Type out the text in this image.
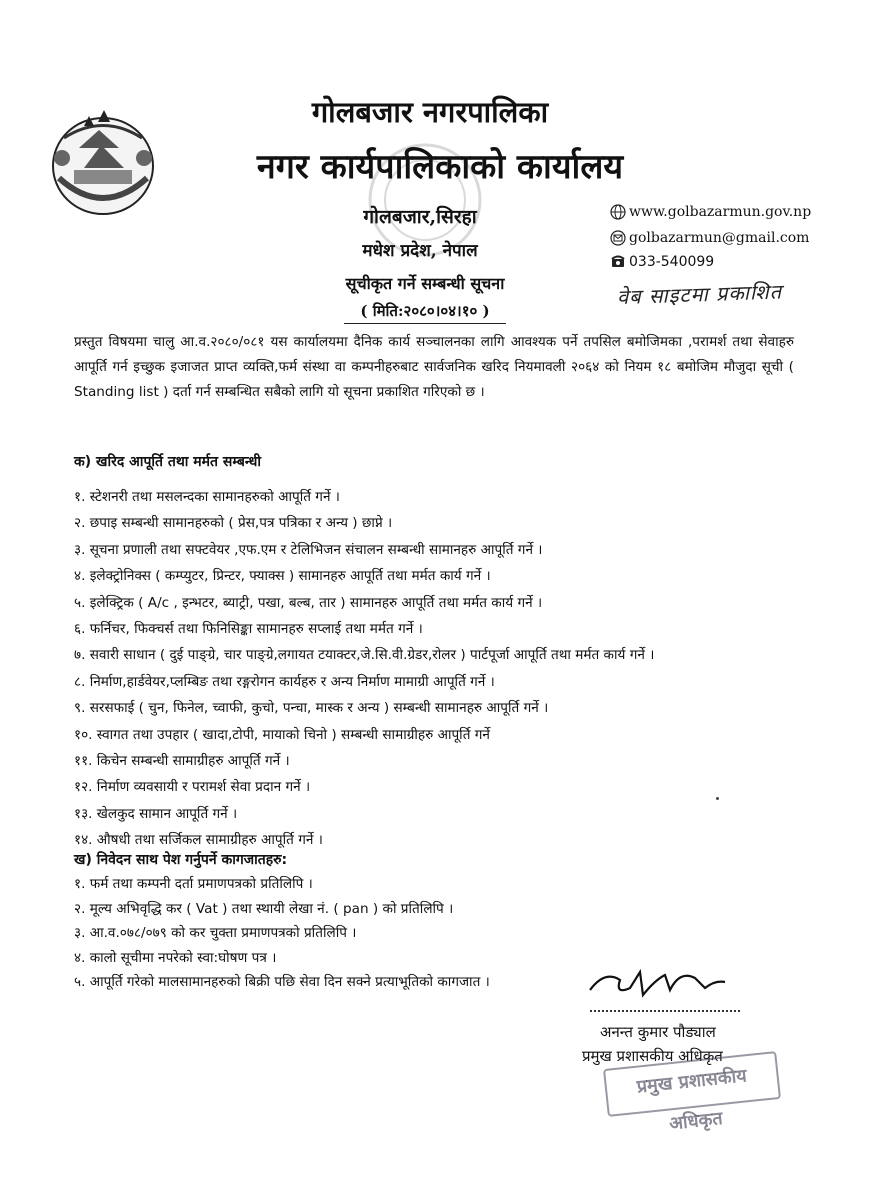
गोलबजार नगरपालिका
नगर कार्यपालिकाको कार्यालय
गोलबजार,सिरहा
मधेश प्रदेश, नेपाल
सूचीकृत गर्ने सम्बन्धी सूचना
( मिति:२०८०।०४।१० )
www.golbazarmun.gov.np
golbazarmun@gmail.com
033-540099
वेब साइटमा प्रकाशित
प्रस्तुत विषयमा चालु आ.व.२०८०/०८१ यस कार्यालयमा दैनिक कार्य सञ्चालनका लागि आवश्यक पर्ने तपसिल बमोजिमका ,परामर्श तथा सेवाहरु आपूर्ति गर्न इच्छुक इजाजत प्राप्त व्यक्ति,फर्म संस्था वा कम्पनीहरुबाट सार्वजनिक खरिद नियमावली २०६४ को नियम १८ बमोजिम मौजुदा सूची ( Standing list ) दर्ता गर्न सम्बन्धित सबैको लागि यो सूचना प्रकाशित गरिएको छ ।
क) खरिद आपूर्ति तथा मर्मत सम्बन्धी
१. स्टेशनरी तथा मसलन्दका सामानहरुको आपूर्ति गर्ने ।
२. छपाइ सम्बन्धी सामानहरुको ( प्रेस,पत्र पत्रिका र अन्य ) छाप्ने ।
३. सूचना प्रणाली तथा सफ्टवेयर ,एफ.एम र टेलिभिजन संचालन सम्बन्धी सामानहरु आपूर्ति गर्ने ।
४. इलेक्ट्रोनिक्स ( कम्प्युटर, प्रिन्टर, फ्याक्स ) सामानहरु आपूर्ति तथा मर्मत कार्य गर्ने ।
५. इलेक्ट्रिक ( A/c , इन्भटर, ब्याट्री, पखा, बल्ब, तार ) सामानहरु आपूर्ति तथा मर्मत कार्य गर्ने ।
६. फर्निचर, फिक्चर्स तथा फिनिसिङ्का सामानहरु सप्लाई तथा मर्मत गर्ने ।
७. सवारी साधान ( दुई पाङ्ग्रे, चार पाङ्ग्रे,लगायत टयाक्टर,जे.सि.वी.ग्रेडर,रोलर ) पार्टपूर्जा आपूर्ति तथा मर्मत कार्य गर्ने ।
८. निर्माण,हार्डवेयर,प्लम्बिङ तथा रङ्गरोगन कार्यहरु र अन्य निर्माण मामाग्री आपूर्ति गर्ने ।
९. सरसफाई ( चुन, फिनेल, च्वाफी, कुचो, पन्चा, मास्क र अन्य ) सम्बन्धी सामानहरु आपूर्ति गर्ने ।
१०. स्वागत तथा उपहार ( खादा,टोपी, मायाको चिनो ) सम्बन्धी सामाग्रीहरु आपूर्ति गर्ने
११. किचेन सम्बन्धी सामाग्रीहरु आपूर्ति गर्ने ।
१२. निर्माण व्यवसायी र परामर्श सेवा प्रदान गर्ने ।
१३. खेलकुद सामान आपूर्ति गर्ने ।
१४. औषधी तथा सर्जिकल सामाग्रीहरु आपूर्ति गर्ने ।
ख) निवेदन साथ पेश गर्नुपर्ने कागजातहरु:
१. फर्म तथा कम्पनी दर्ता प्रमाणपत्रको प्रतिलिपि ।
२. मूल्य अभिवृद्धि कर ( Vat ) तथा स्थायी लेखा नं. ( pan ) को प्रतिलिपि ।
३. आ.व.०७८/०७९ को कर चुक्ता प्रमाणपत्रको प्रतिलिपि ।
४. कालो सूचीमा नपरेको स्वा:घोषण पत्र ।
५. आपूर्ति गरेको मालसामानहरुको बिक्री पछि सेवा दिन सक्ने प्रत्याभूतिको कागजात ।
अनन्त कुमार पौड्याल
प्रमुख प्रशासकीय अधिकृत
प्रमुख प्रशासकीय अधिकृत
